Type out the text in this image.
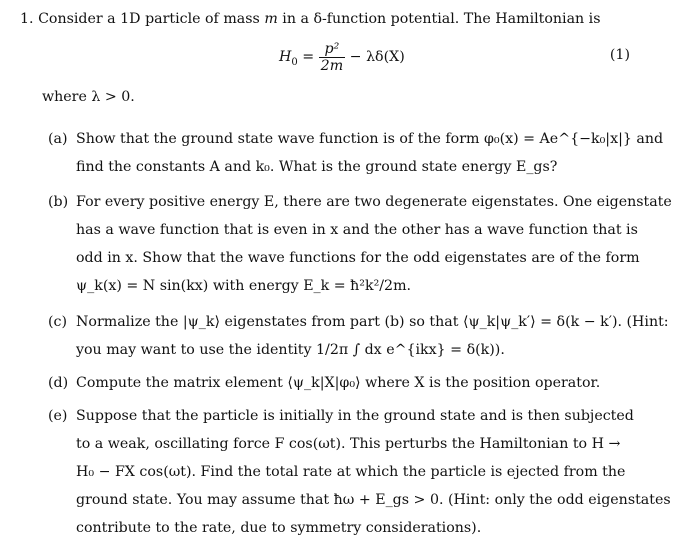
1. Consider a 1D particle of mass m in a δ-function potential. The Hamiltonian is
$H_0 = \frac{\text{p²}}{2m} - \lambda\delta(X)$	(1)
where λ > 0.
(a) Show that the ground state wave function is of the form φ₀(x) = Ae^{−k₀|x|} and
find the constants A and k₀. What is the ground state energy E_gs?
(b) For every positive energy E, there are two degenerate eigenstates. One eigenstate
has a wave function that is even in x and the other has a wave function that is
odd in x. Show that the wave functions for the odd eigenstates are of the form
ψ_k(x) = N sin(kx) with energy E_k = ħ²k²/2m.
(c) Normalize the |ψ_k⟩ eigenstates from part (b) so that ⟨ψ_k|ψ_k′⟩ = δ(k − k′). (Hint:
you may want to use the identity 1/2π ∫ dx e^{ikx} = δ(k)).
(d) Compute the matrix element ⟨ψ_k|X|φ₀⟩ where X is the position operator.
(e) Suppose that the particle is initially in the ground state and is then subjected
to a weak, oscillating force F cos(ωt). This perturbs the Hamiltonian to H →
H₀ − FX cos(ωt). Find the total rate at which the particle is ejected from the
ground state. You may assume that ħω + E_gs > 0. (Hint: only the odd eigenstates
contribute to the rate, due to symmetry considerations).
